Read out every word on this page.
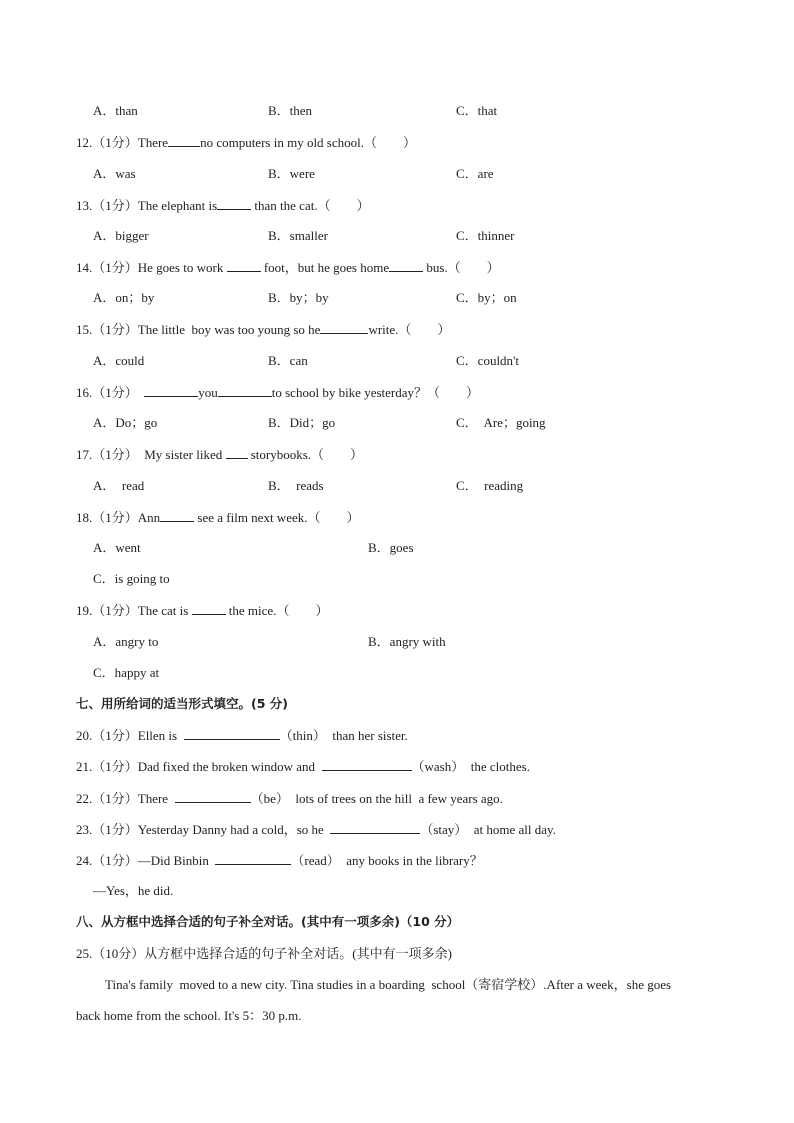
A．than	B．then	C．that
12.（1分）There no computers in my old school.（　　）
A．was	B．were	C．are
13.（1分）The elephant is	than the cat.（　　）
A．bigger	B．smaller	C．thinner
14.（1分）He goes to work	foot，but he goes home	bus.（　　）
A．on；by	B．by；by	C．by；on
15.（1分）The little  boy was too young so he	write.（　　）
A．could	B．can	C．couldn't
16.（1分）	you	to school by bike yesterday？（　　）
A．Do；go	B．Did；go	C．  Are；going
17.（1分）  My sister liked  storybooks.（　　）
A．  read	B．  reads	C．  reading
18.（1分）Ann	see a film next week.（　　）
A．went	B．goes
C．is going to
19.（1分）The cat is	the mice.（　　）
A．angry to	B．angry with
C．happy at
七、用所给词的适当形式填空。(5 分)
20.（1分）Ellen is	（thin）  than her sister.
21.（1分）Dad fixed the broken window and	（wash）  the clothes.
22.（1分）There	（be）  lots of trees on the hill  a few years ago.
23.（1分）Yesterday Danny had a cold，so he	（stay）  at home all day.
24.（1分）—Did Binbin	（read）  any books in the library？
—Yes，he did.
八、从方框中选择合适的句子补全对话。(其中有一项多余)（10 分）
25.（10分）从方框中选择合适的句子补全对话。(其中有一项多余)
Tina's family  moved to a new city. Tina studies in a boarding  school（寄宿学校）.After a week，she goes
back home from the school. It's 5：30 p.m.
